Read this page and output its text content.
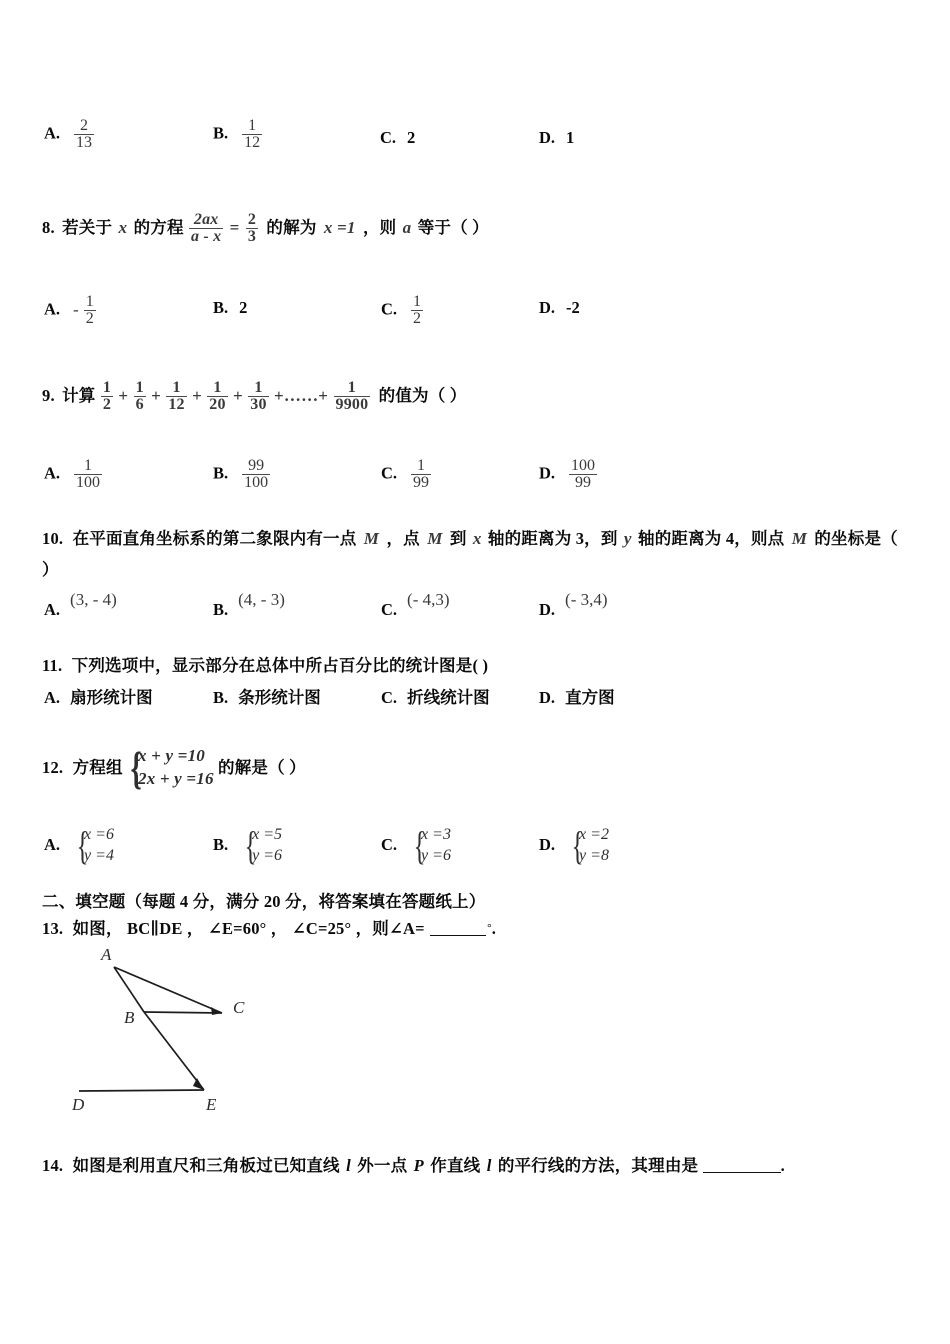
A. $\frac{2}{13}$	B. $\frac{1}{12}$	C. 2	D. 1
8. 若关于 x 的方程 $\frac{2ax}{a - x} = \frac{2}{3}$ 的解为 x =1 ，则 a 等于（ ）
A. - $\frac{1}{2}$	B. 2	C. $\frac{1}{2}$	D. -2
9. 计算 $\frac{1}{2} + \frac{1}{6} + \frac{1}{12} + \frac{1}{20} + \frac{1}{30}$ +……+ $\frac{1}{9900}$ 的值为（ ）
A. $\frac{1}{100}$	B. $\frac{99}{100}$	C. $\frac{1}{99}$	D. $\frac{100}{99}$
10. 在平面直角坐标系的第二象限内有一点 M ，点 M 到 x 轴的距离为 3，到 y 轴的距离为 4，则点 M 的坐标是（
）
A. (3, - 4)
B. (4, - 3)
C. (- 4,3)
D. (- 3,4)
11. 下列选项中，显示部分在总体中所占百分比的统计图是( )
A. 扇形统计图	B. 条形统计图	C. 折线统计图	D. 直方图
12. 方程组 {
x + y =10
2x + y =16
的解是（ ）
A. {
x =6
y =4
B. {
x =5
y =6
C. {
x =3
y =6
D. {
x =2
y =8
二、填空题（每题 4 分，满分 20 分，将答案填在答题纸上）
13. 如图， BC∥DE ， ∠E=60° ， ∠C=25° ，则∠A=	°.
A
B
C
D	E
14. 如图是利用直尺和三角板过已知直线 l 外一点 P 作直线 l 的平行线的方法，其理由是	.
